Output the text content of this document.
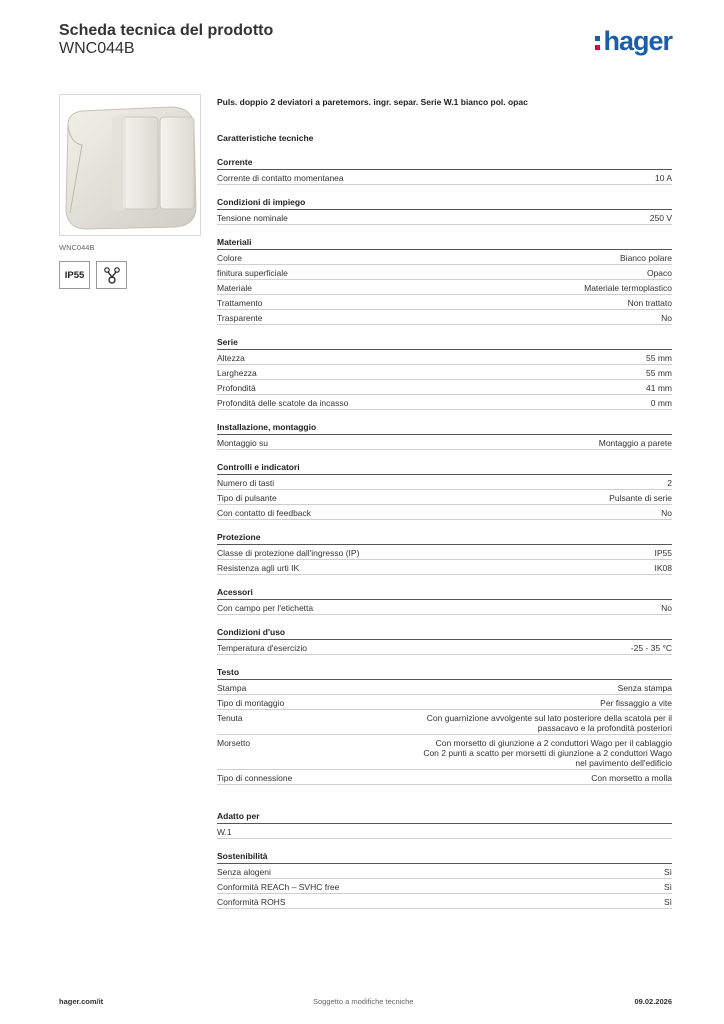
Scheda tecnica del prodotto
WNC044B	hager
WNC044B
IP55
Puls. doppio 2 deviatori a paretemors. ingr. separ. Serie W.1 bianco pol. opac
Caratteristiche tecniche
Corrente
Corrente di contatto momentanea	10 A
Condizioni di impiego
Tensione nominale	250 V
Materiali
Colore	Bianco polare
finitura superficiale	Opaco
Materiale	Materiale termoplastico
Trattamento	Non trattato
Trasparente	No
Serie
Altezza	55 mm
Larghezza	55 mm
Profondità	41 mm
Profondità delle scatole da incasso	0 mm
Installazione, montaggio
Montaggio su	Montaggio a parete
Controlli e indicatori
Numero di tasti	2
Tipo di pulsante	Pulsante di serie
Con contatto di feedback	No
Protezione
Classe di protezione dall'ingresso (IP)	IP55
Resistenza agli urti IK	IK08
Acessori
Con campo per l'etichetta	No
Condizioni d'uso
Temperatura d'esercizio	-25 - 35 °C
Testo
Stampa	Senza stampa
Tipo di montaggio	Per fissaggio a vite
Tenuta	Con guarnizione avvolgente sul lato posteriore della scatola per il
passacavo e la profondità posteriori
Morsetto	Con morsetto di giunzione a 2 conduttori Wago per il cablaggio
Con 2 punti a scatto per morsetti di giunzione a 2 conduttori Wago
nel pavimento dell'edificio
Tipo di connessione	Con morsetto a molla
Adatto per
W.1
Sostenibilità
Senza alogeni	Sì
Conformità REACh – SVHC free	Sì
Conformità ROHS	Sì
hager.com/it	Soggetto a modifiche tecniche	09.02.2026
